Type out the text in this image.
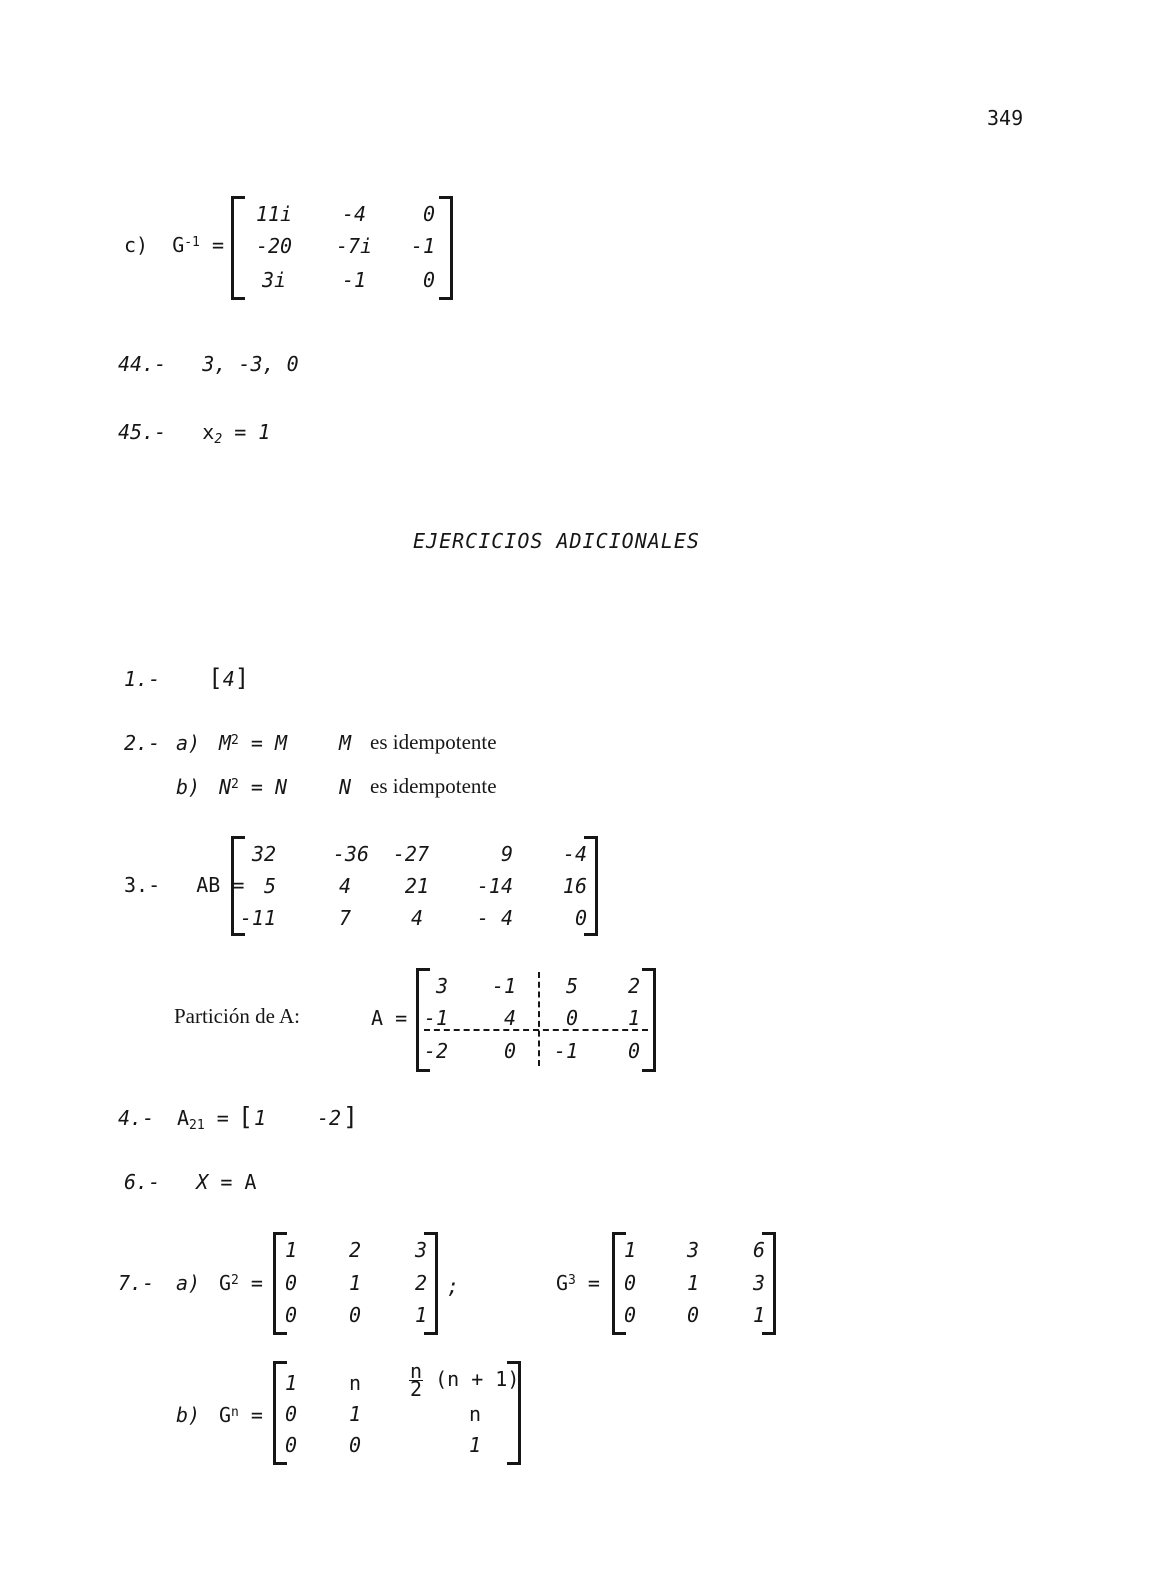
349
c) $G^{-1}$ =
11i	-4	0
-20	-7i	-1
3i	-1	0
44.- 3, -3, 0
45.- $x_2 = 1$
EJERCICIOS ADICIONALES
1.- [4]
2.- a) $M^2 = M$	M es idempotente
b) $N^2 = N$	N es idempotente
3.- AB =
32	-36	-27	9	-4
5	4	21	-14	16
-11	7	4	- 4	0
Partición de A:	A =
3	-1	5	2
-1	4	0	1
-2	0	-1	0
4.- $A_{21}$ = [ 1	-2 ]
6.- X = A
7.- a) $G^2$ =
1	2	3
0	1	2
0	0	1
;	$G^3$ =
1	3	6
0	1	3
0	0	1
b) $G^n$ =
1	n $\frac{n}{2} (n + 1)$
0	1	n
0	0	1
